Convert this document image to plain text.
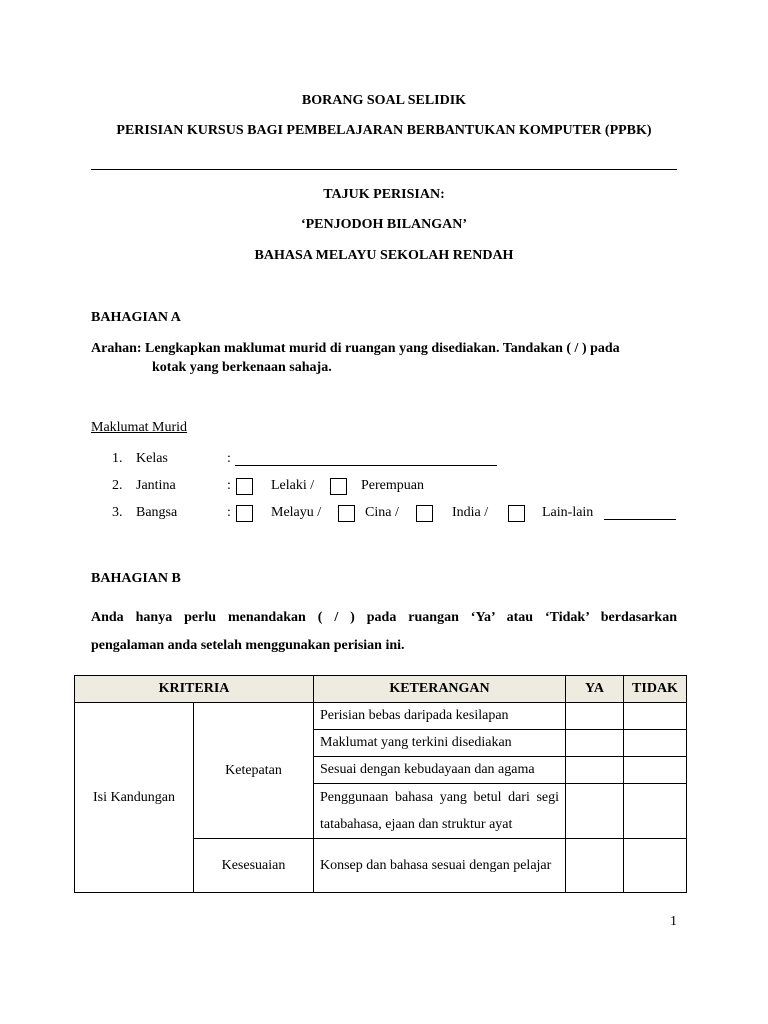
BORANG SOAL SELIDIK
PERISIAN KURSUS BAGI PEMBELAJARAN BERBANTUKAN KOMPUTER (PPBK)
TAJUK PERISIAN:
‘PENJODOH BILANGAN’
BAHASA MELAYU SEKOLAH RENDAH
BAHAGIAN A
Arahan: Lengkapkan maklumat murid di ruangan yang disediakan. Tandakan ( / ) pada
kotak yang berkenaan sahaja.
Maklumat Murid
1. Kelas	:
2. Jantina	:	Lelaki /	Perempuan
3. Bangsa	:	Melayu /	Cina /	India /	Lain-lain
BAHAGIAN B
Anda hanya perlu menandakan ( / ) pada ruangan ‘Ya’ atau ‘Tidak’ berdasarkan
pengalaman anda setelah menggunakan perisian ini.
KRITERIA		KETERANGAN	YA	TIDAK
Isi Kandungan	Ketepatan	Perisian bebas daripada kesilapan		
		Maklumat yang terkini disediakan		
		Sesuai dengan kebudayaan dan agama		

		Penggunaan bahasa yang betul dari segi tatabahasa, ejaan dan struktur ayat		

	Kesesuaian	Konsep dan bahasa sesuai dengan pelajar		

1
